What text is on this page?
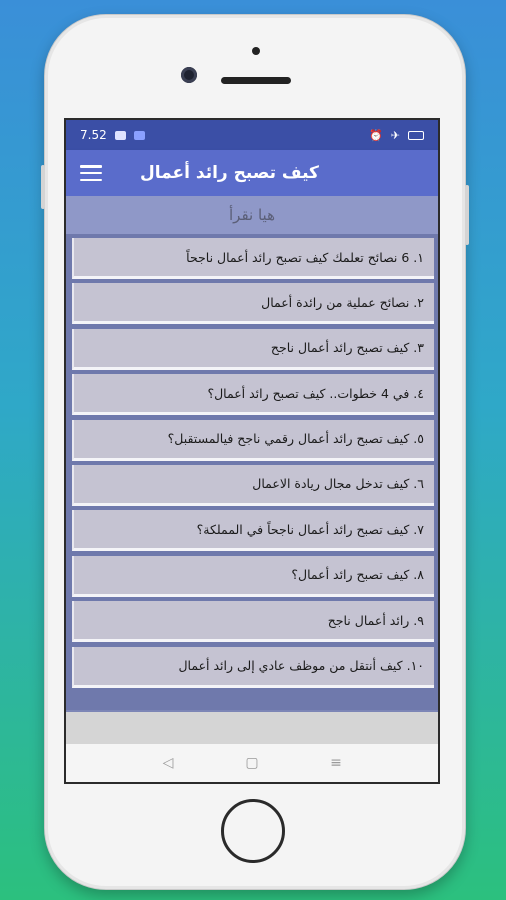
7.52	⏰ ✈
كيف تصبح رائد أعمال
هيا نقرأ
١. 6 نصائح تعلمك كيف تصبح رائد أعمال ناجحاً
٢. نصائح عملية من رائدة أعمال
٣. كيف تصبح رائد أعمال ناجح
٤. في 4 خطوات.. كيف تصبح رائد أعمال؟
٥. كيف تصبح رائد أعمال رقمي ناجح فيالمستقبل؟
٦. كيف تدخل مجال ريادة الاعمال
٧. كيف تصبح رائد أعمال ناجحاً في المملكة؟
٨. كيف تصبح رائد أعمال؟
٩. رائد أعمال ناجح
١٠. كيف أنتقل من موظف عادي إلى رائد أعمال
◁	▢	≡
